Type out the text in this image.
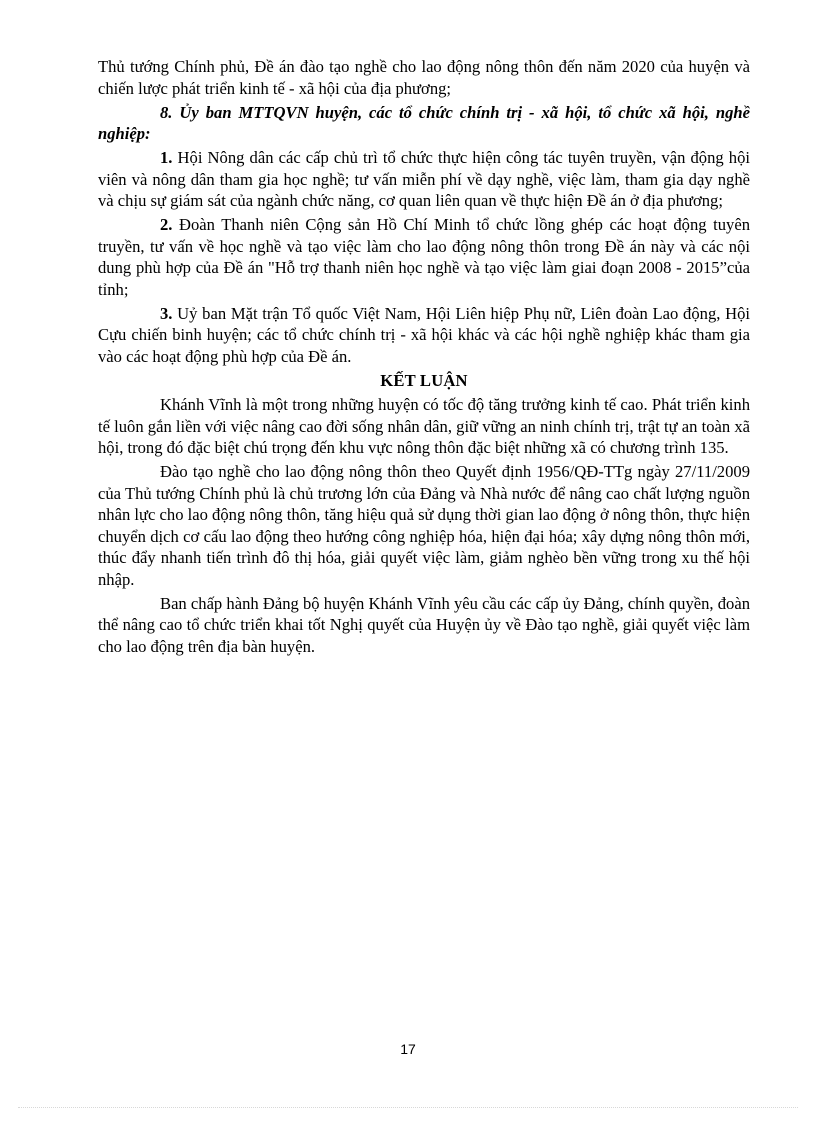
Thủ tướng Chính phủ, Đề án đào tạo nghề cho lao động nông thôn đến năm 2020 của huyện và chiến lược phát triển kinh tế - xã hội của địa phương;

8. Ủy ban MTTQVN huyện, các tổ chức chính trị - xã hội, tổ chức xã hội, nghề nghiệp:

1. Hội Nông dân các cấp chủ trì tổ chức thực hiện công tác tuyên truyền, vận động hội viên và nông dân tham gia học nghề; tư vấn miễn phí về dạy nghề, việc làm, tham gia dạy nghề và chịu sự giám sát của ngành chức năng, cơ quan liên quan về thực hiện Đề án ở địa phương;

2. Đoàn Thanh niên Cộng sản Hồ Chí Minh tổ chức lồng ghép các hoạt động tuyên truyền, tư vấn về học nghề và tạo việc làm cho lao động nông thôn trong Đề án này và các nội dung phù hợp của Đề án "Hỗ trợ thanh niên học nghề và tạo việc làm giai đoạn 2008 - 2015”của tỉnh;

3. Uỷ ban Mặt trận Tổ quốc Việt Nam, Hội Liên hiệp Phụ nữ, Liên đoàn Lao động, Hội Cựu chiến binh huyện; các tổ chức chính trị - xã hội khác và các hội nghề nghiệp khác tham gia vào các hoạt động phù hợp của Đề án.

KẾT LUẬN

Khánh Vĩnh là một trong những huyện có tốc độ tăng trưởng kinh tế cao. Phát triển kinh tế luôn gắn liền với việc nâng cao đời sống nhân dân, giữ vững an ninh chính trị, trật tự an toàn xã hội, trong đó đặc biệt chú trọng đến khu vực nông thôn đặc biệt những xã có chương trình 135.

Đào tạo nghề cho lao động nông thôn theo Quyết định 1956/QĐ-TTg ngày 27/11/2009 của Thủ tướng Chính phủ là chủ trương lớn của Đảng và Nhà nước để nâng cao chất lượng nguồn nhân lực cho lao động nông thôn, tăng hiệu quả sử dụng thời gian lao động ở nông thôn, thực hiện chuyển dịch cơ cấu lao động theo hướng công nghiệp hóa, hiện đại hóa; xây dựng nông thôn mới, thúc đẩy nhanh tiến trình đô thị hóa, giải quyết việc làm, giảm nghèo bền vững trong xu thế hội nhập.

Ban chấp hành Đảng bộ huyện Khánh Vĩnh yêu cầu các cấp ủy Đảng, chính quyền, đoàn thể nâng cao tổ chức triển khai tốt Nghị quyết của Huyện ủy về Đào tạo nghề, giải quyết việc làm cho lao động trên địa bàn huyện.

17
